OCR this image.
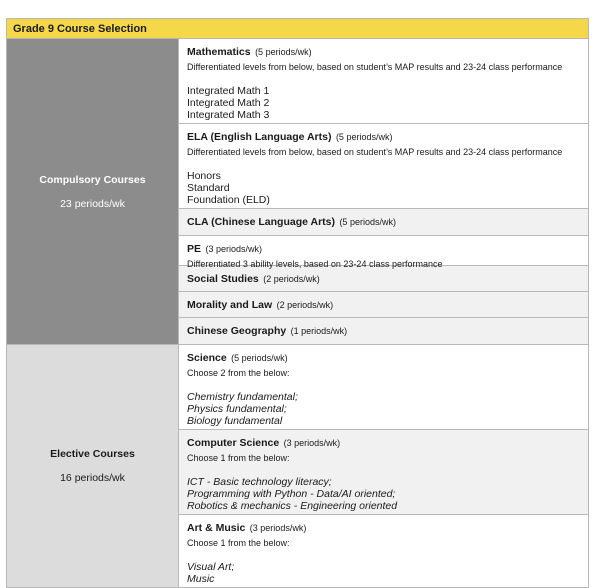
Grade 9 Course Selection
Compulsory Courses
23 periods/wk
Mathematics (5 periods/wk)
Differentiated levels from below, based on student’s MAP results and 23-24 class performance
Integrated Math 1
Integrated Math 2
Integrated Math 3
ELA (English Language Arts) (5 periods/wk)
Differentiated levels from below, based on student’s MAP results and 23-24 class performance
Honors
Standard
Foundation (ELD)
CLA (Chinese Language Arts) (5 periods/wk)
PE (3 periods/wk)
Differentiated 3 ability levels, based on 23-24 class performance
Social Studies (2 periods/wk)
Morality and Law (2 periods/wk)
Chinese Geography (1 periods/wk)
Elective Courses
16 periods/wk
Science (5 periods/wk)
Choose 2 from the below:
Chemistry fundamental;
Physics fundamental;
Biology fundamental
Computer Science (3 periods/wk)
Choose 1 from the below:
ICT - Basic technology literacy;
Programming with Python - Data/AI oriented;
Robotics & mechanics - Engineering oriented
Art & Music (3 periods/wk)
Choose 1 from the below:
Visual Art;
Music
